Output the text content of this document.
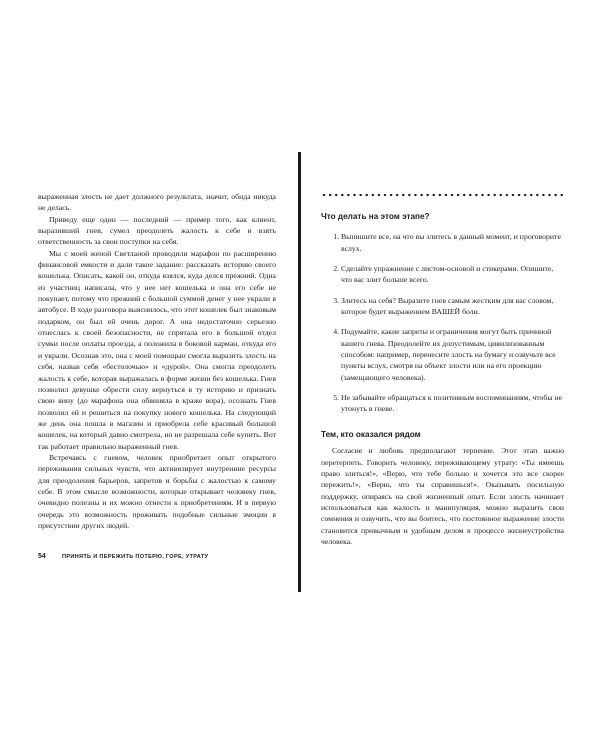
выраженная злость не дает должного результата, значит, обида никуда не делась.

Приведу еще один — последний — пример того, как клиент, выразивший гнев, сумел преодолеть жалость к себе и взять ответственность за свои поступки на себя.

Мы с моей женой Светланой проводили марафон по расширению финансовой емкости и дали такое задание: рассказать историю своего кошелька. Описать, какой он, откуда взялся, куда делся прежний. Одна из участниц написала, что у нее нет кошелька и она его себе не покупает, потому что прежний с большой суммой денег у нее украли в автобусе. В ходе разговора выяснилось, что этот кошелек был знаковым подарком, он был ей очень дорог. А она недостаточно серьезно отнеслась к своей безопасности, не спрятала его в большой отдел сумки после оплаты проезда, а положила в боковой карман, откуда его и украли. Осознав это, она с моей помощью смогла выразить злость на себя, назвав себя «бестолочью» и «дурой». Она смогла преодолеть жалость к себе, которая выражалась в форме жизни без кошелька. Гнев позволил девушке обрести силу вернуться в ту историю и признать свою вину (до марафона она обвиняла в краже вора), осознать Гнев позволил ей и решиться на покупку нового кошелька. На следующий же день она пошла в магазин и приобрела себе красивый большой кошелек, на который давно смотрела, но не разрешала себе купить. Вот так работает правильно выраженный гнев.

Встречаясь с гневом, человек приобретает опыт открытого переживания сильных чувств, что активизирует внутренние ресурсы для преодоления барьеров, запретов и борьбы с жалостью к самому себе. В этом смысле возможности, которые открывает человеку гнев, очевидно полезны и их можно отнести к приобретениям. И в первую очередь это возможность проживать подобные сильные эмоции в присутствии других людей.

54	ПРИНЯТЬ И ПЕРЕЖИТЬ ПОТЕРЮ, ГОРЕ, УТРАТУ
Что делать на этом этапе?
1. Выпишите все, на что вы злитесь в данный момент, и проговорите вслух.
2. Сделайте упражнение с листом-основой и стикерами. Опишите, что вас злит больше всего.
3. Злитесь на себя? Выразите гнев самым жестким для вас словом, которое будет выражением ВАШЕЙ боли.
4. Подумайте, какие запреты и ограничения могут быть причиной вашего гнева. Преодолейте их допустимым, цивилизованным способом: например, перенесите злость на бумагу и озвучьте все пункты вслух, смотря на объект злости или на его проекцию (замещающего человека).
5. Не забывайте обращаться к позитивным воспоминаниям, чтобы не утонуть в гневе.
Тем, кто оказался рядом

Согласие и любовь предполагают терпение. Этот этап важно перетерпеть. Говорить человеку, переживающему утрату: «Ты имеешь право злиться!», «Верю, что тебе больно и хочется это все скорее пережить!», «Верю, что ты справишься!». Оказывать посильную поддержку, опираясь на свой жизненный опыт. Если злость начинает использоваться как жалость и манипуляция, можно выразить свои сомнения и озвучить, что вы боитесь, что постоянное выражение злости становится привычным и удобным делом в процессе жизнеустройства человека.
